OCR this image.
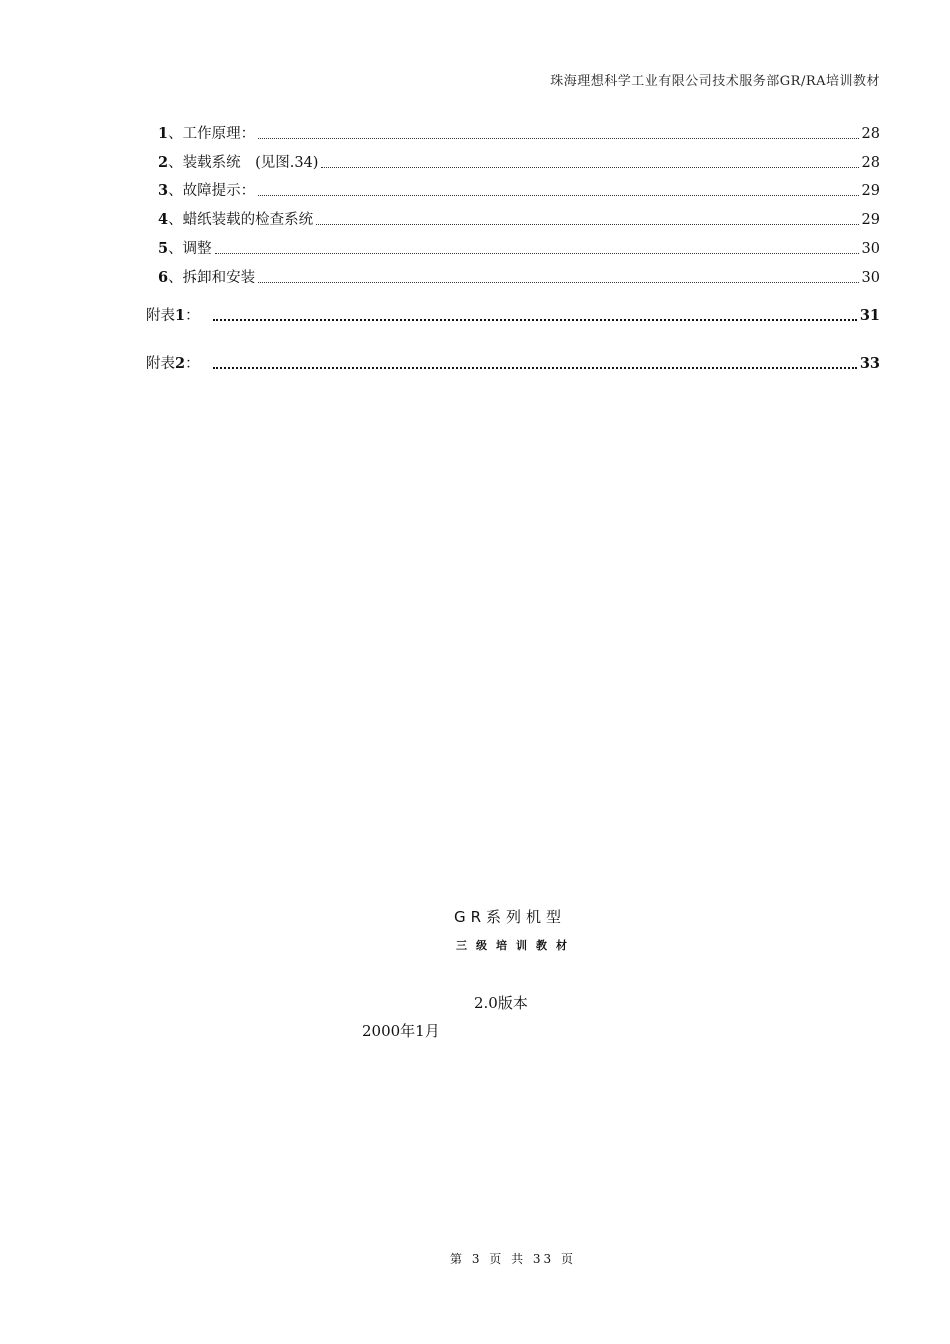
珠海理想科学工业有限公司技术服务部GR/RA培训教材
1 、工作原理：	28
2 、装载系统　(见图.34)	28
3 、故障提示：	29
4 、蜡纸装载的检查系统	29
5 、调整	30
6 、拆卸和安装	30
附表 1 ：	31
附表 2 ：	33
GR系列机型
三级培训教材
2.0版本
2000年1月
第 3 页 共 33 页
